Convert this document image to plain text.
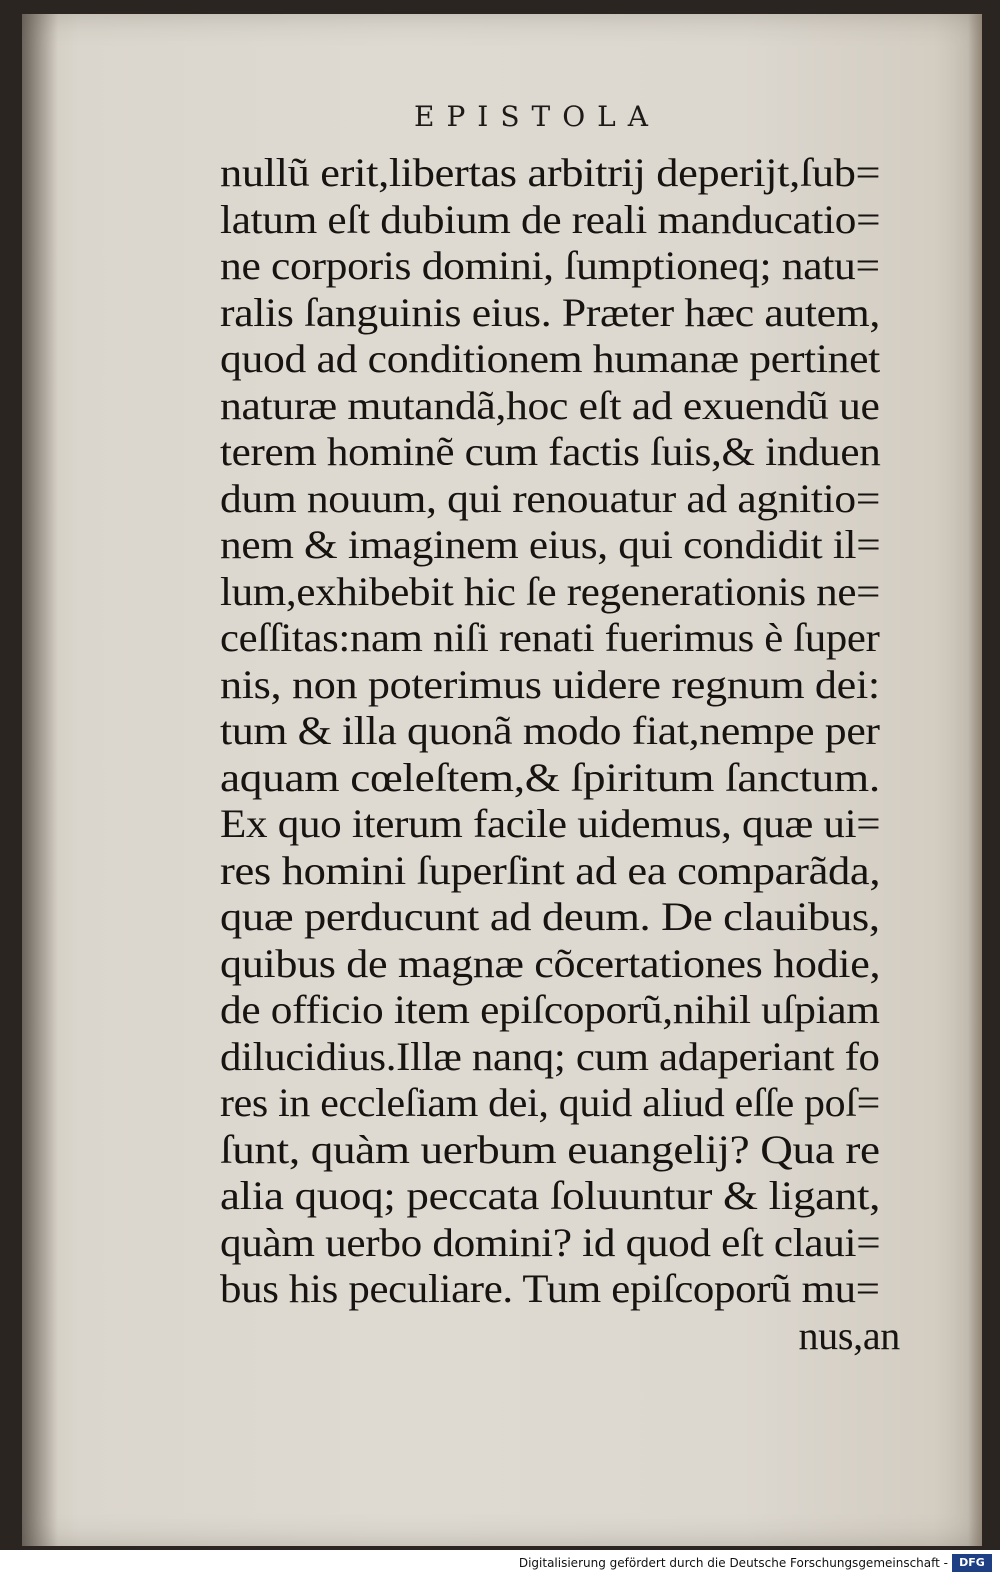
EPISTOLA
nullũ erit,libertas arbitrij deperijt,ſub=
latum eſt dubium de reali manducatio=
ne corporis domini, ſumptioneq; natu=
ralis ſanguinis eius. Præter hæc autem,
quod ad conditionem humanæ pertinet
naturæ mutandã,hoc eſt ad exuendũ ue
terem hominẽ cum factis ſuis,& induen
dum nouum, qui renouatur ad agnitio=
nem & imaginem eius, qui condidit il=
lum,exhibebit hic ſe regenerationis ne=
ceſſitas:nam niſi renati fuerimus è ſuper
nis, non poterimus uidere regnum dei:
tum & illa quonã modo fiat,nempe per
aquam cœleſtem,& ſpiritum ſanctum.
Ex quo iterum facile uidemus, quæ ui=
res homini ſuperſint ad ea comparãda,
quæ perducunt ad deum. De clauibus,
quibus de magnæ cõcertationes hodie,
de officio item epiſcoporũ,nihil uſpiam
dilucidius.Illæ nanq; cum adaperiant fo
res in eccleſiam dei, quid aliud eſſe poſ=
ſunt, quàm uerbum euangelij? Qua re
alia quoq; peccata ſoluuntur & ligant,
quàm uerbo domini? id quod eſt claui=
bus his peculiare. Tum epiſcoporũ mu=
nus,an
Digitalisierung gefördert durch die Deutsche Forschungsgemeinschaft -	DFG
